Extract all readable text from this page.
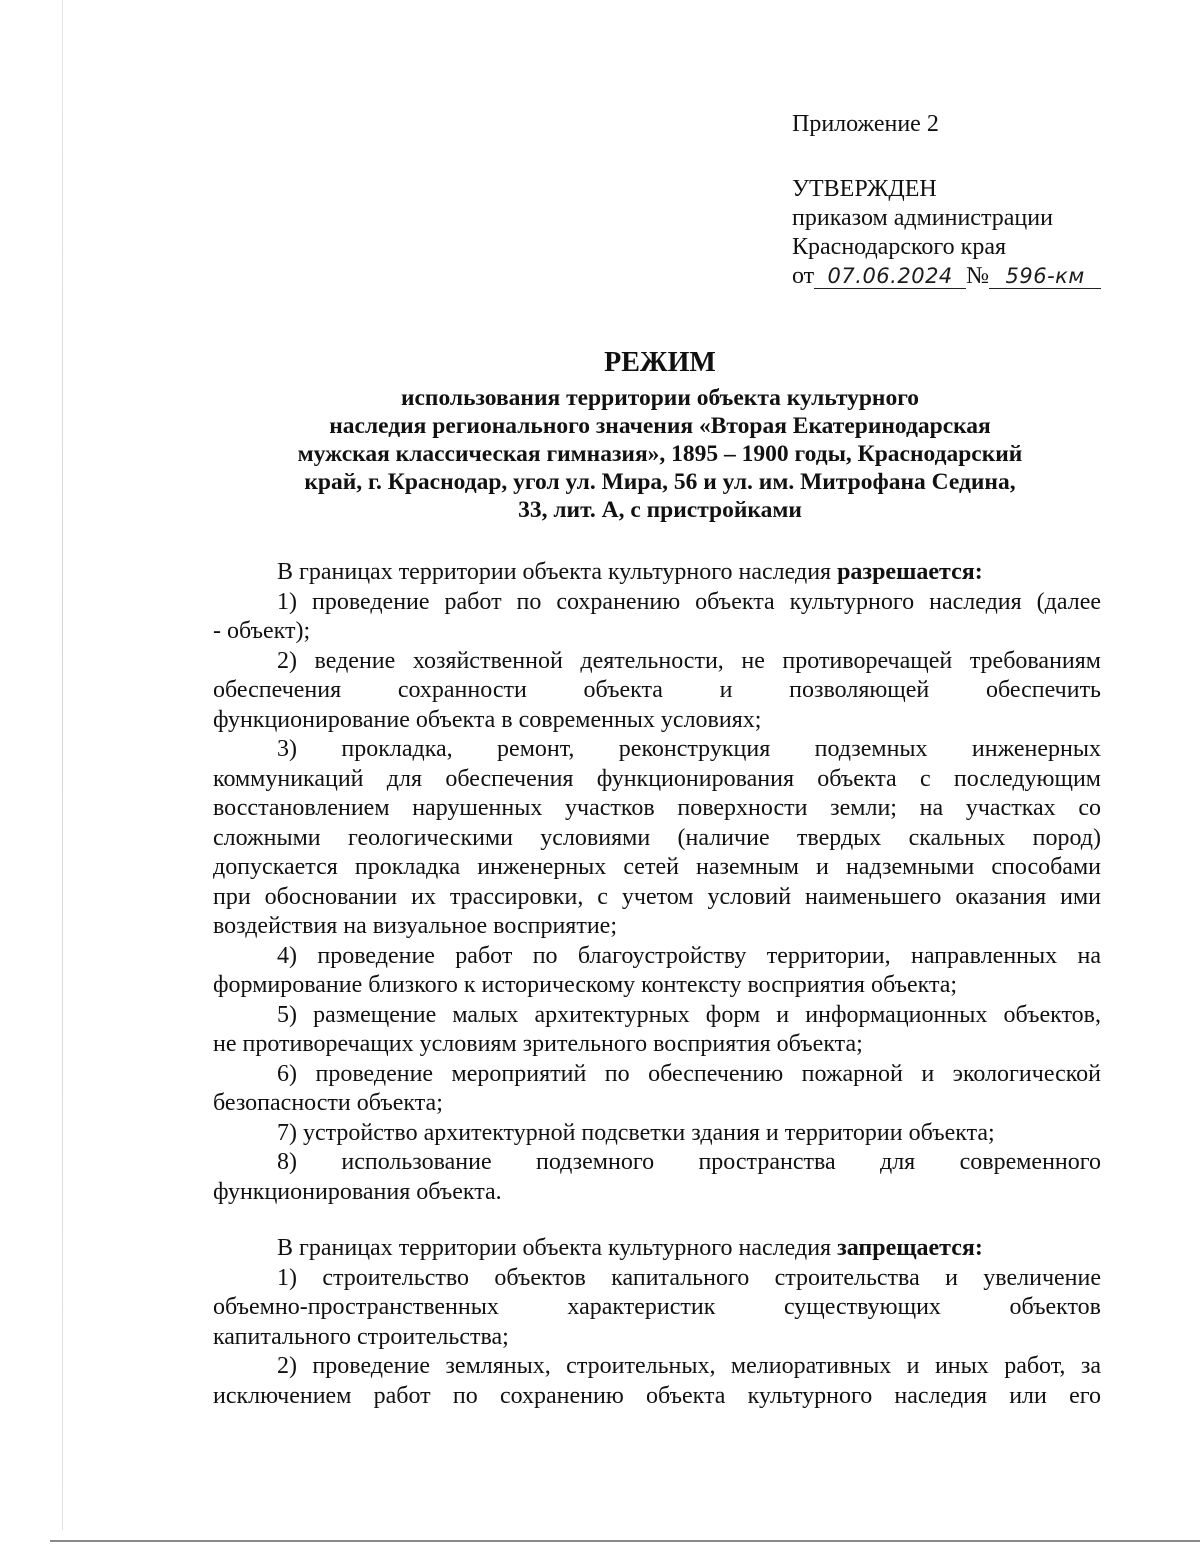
Приложение 2
УТВЕРЖДЕН
приказом администрации
Краснодарского края
от 07.06.2024 № 596-км
РЕЖИМ
использования территории объекта культурного
наследия регионального значения «Вторая Екатеринодарская
мужская классическая гимназия», 1895 – 1900 годы, Краснодарский
край, г. Краснодар, угол ул. Мира, 56 и ул. им. Митрофана Седина,
33, лит. А, с пристройками

В границах территории объекта культурного наследия разрешается:

1) проведение работ по сохранению объекта культурного наследия (далее
- объект);

2) ведение хозяйственной деятельности, не противоречащей требованиям
обеспечения сохранности объекта и позволяющей обеспечить
функционирование объекта в современных условиях;

3) прокладка, ремонт, реконструкция подземных инженерных
коммуникаций для обеспечения функционирования объекта с последующим
восстановлением нарушенных участков поверхности земли; на участках со
сложными геологическими условиями (наличие твердых скальных пород)
допускается прокладка инженерных сетей наземным и надземными способами
при обосновании их трассировки, с учетом условий наименьшего оказания ими
воздействия на визуальное восприятие;

4) проведение работ по благоустройству территории, направленных на
формирование близкого к историческому контексту восприятия объекта;

5) размещение малых архитектурных форм и информационных объектов,
не противоречащих условиям зрительного восприятия объекта;

6) проведение мероприятий по обеспечению пожарной и экологической
безопасности объекта;

7) устройство архитектурной подсветки здания и территории объекта;

8) использование подземного пространства для современного
функционирования объекта.

В границах территории объекта культурного наследия запрещается:

1) строительство объектов капитального строительства и увеличение
объемно-пространственных характеристик существующих объектов
капитального строительства;

2) проведение земляных, строительных, мелиоративных и иных работ, за
исключением работ по сохранению объекта культурного наследия или его
